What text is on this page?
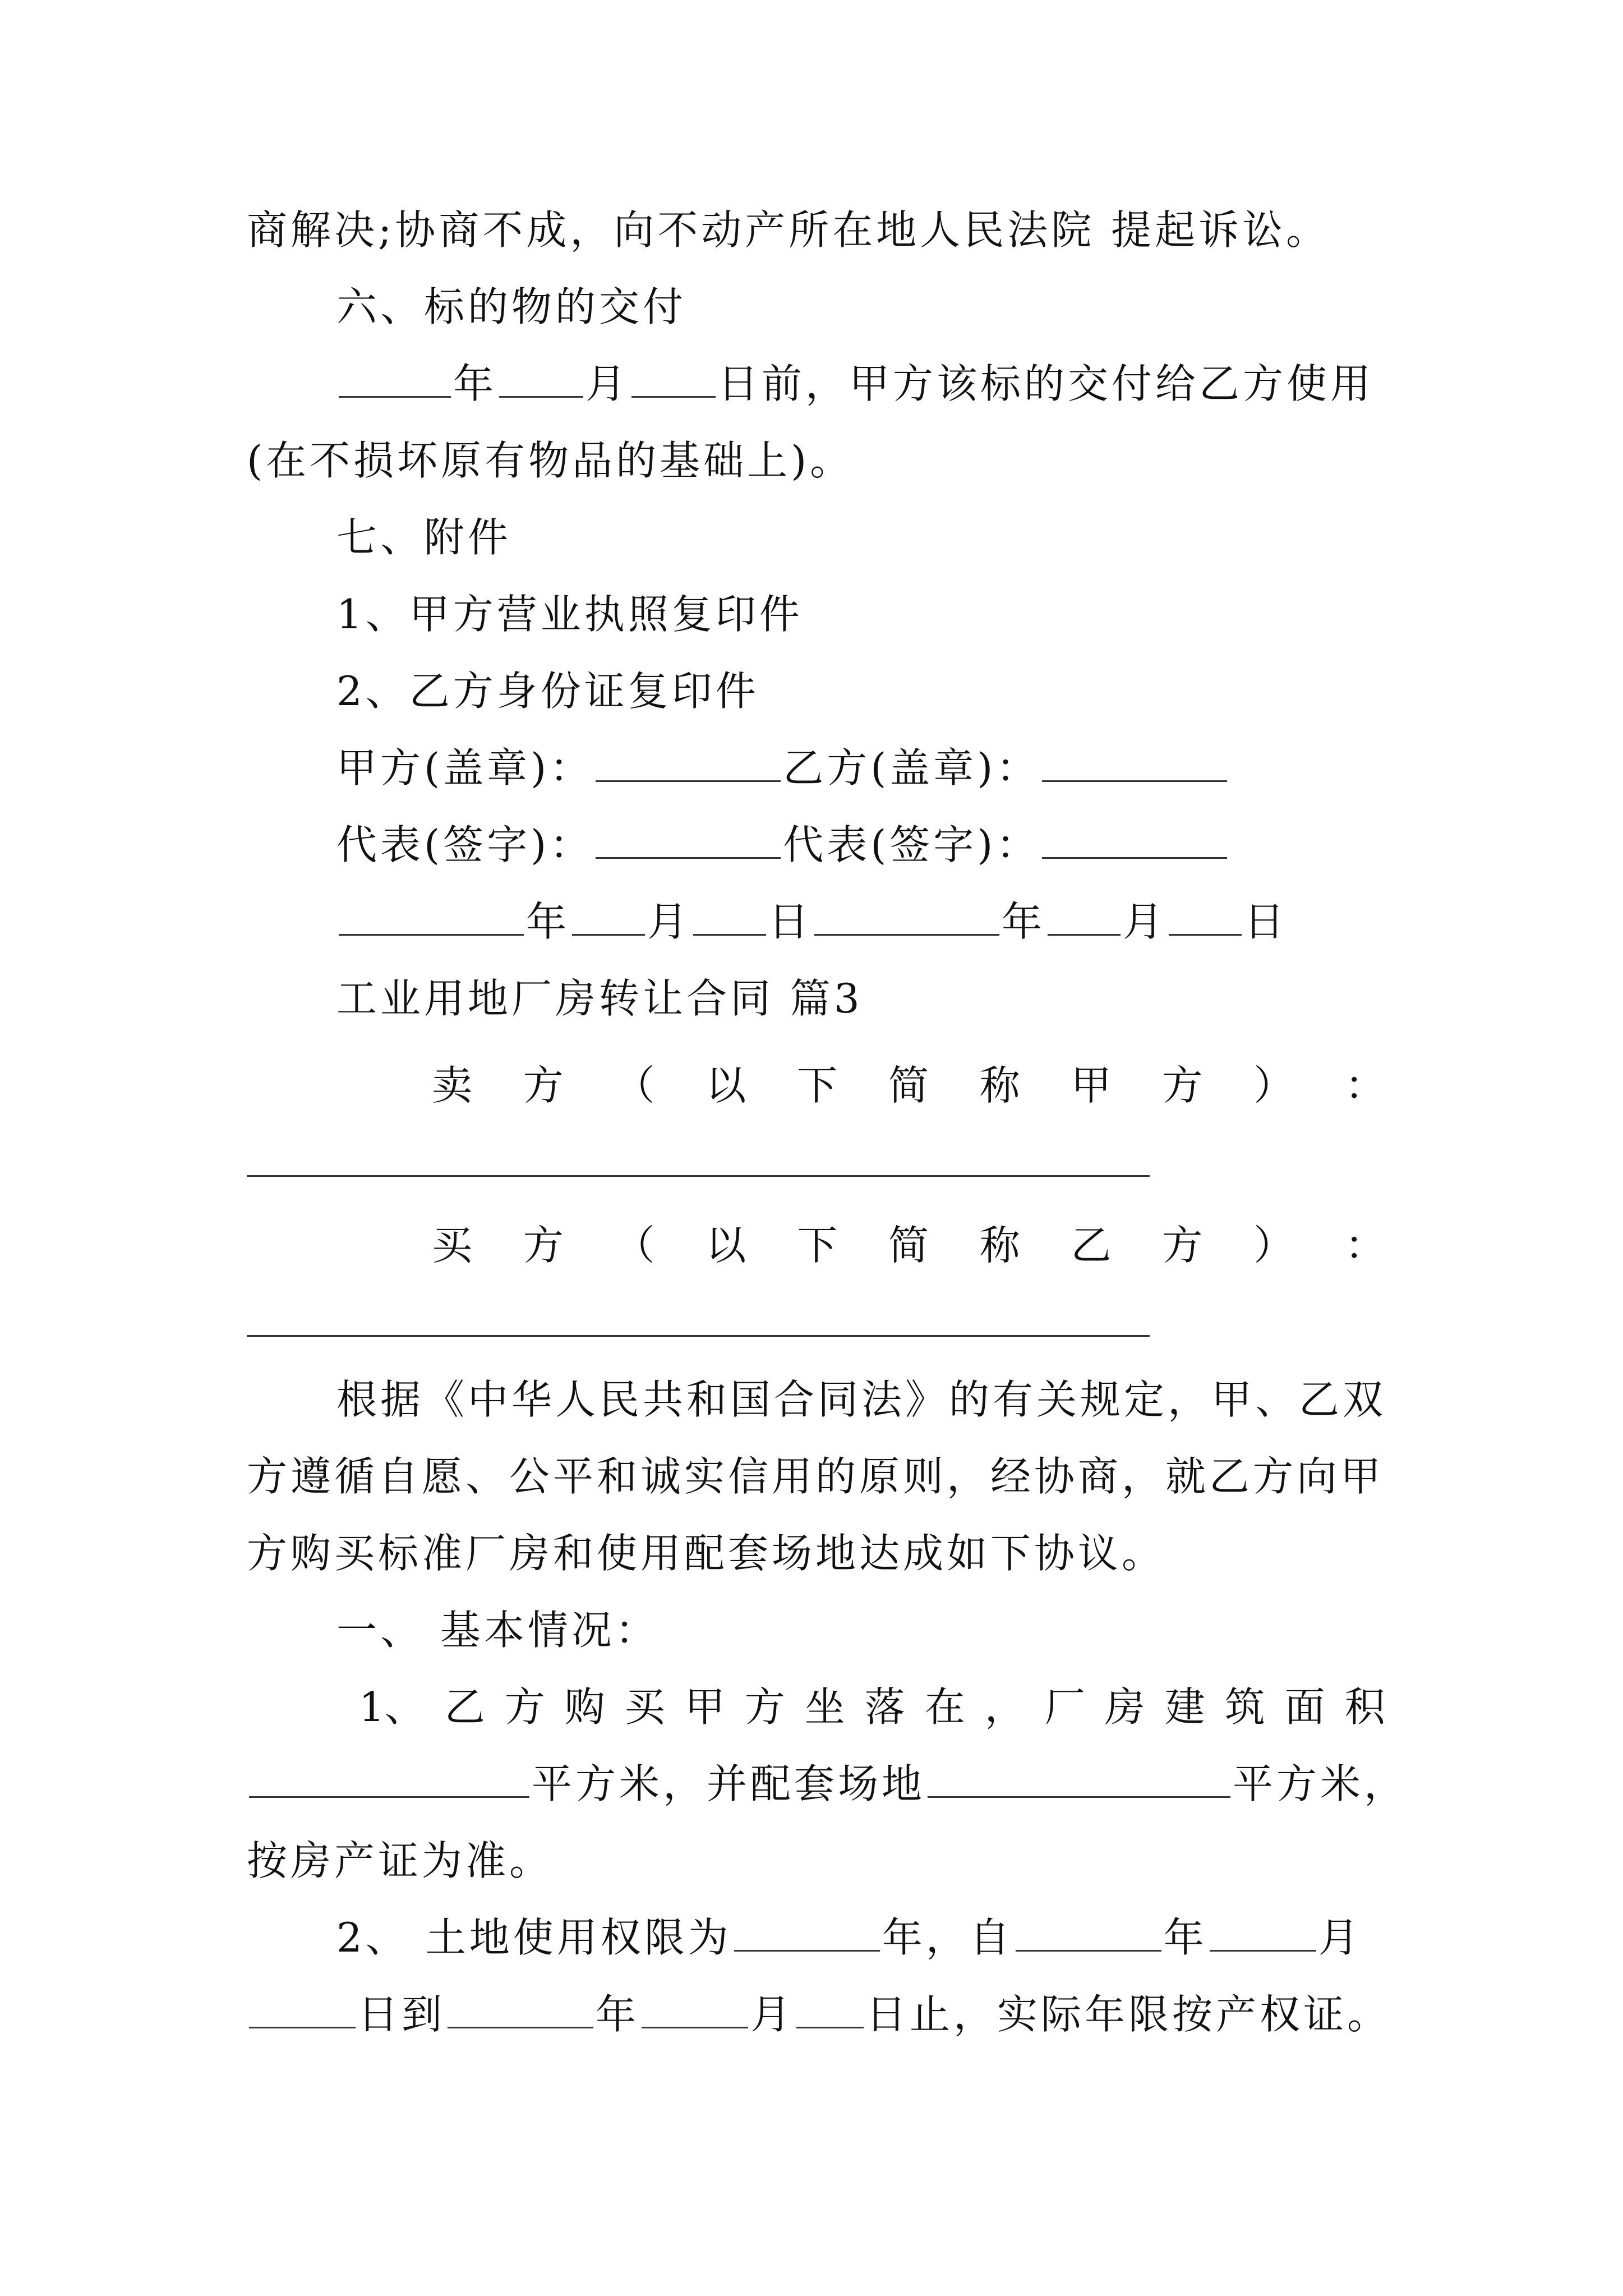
商解决;协商不成，向不动产所在地人民法院 提起诉讼。
六、标的物的交付
年 月 日前，甲方该标的交付给乙方使用
(在不损坏原有物品的基础上)。
七、附件
1、甲方营业执照复印件
2、乙方身份证复印件
甲方(盖章)：	乙方(盖章)：
代表(签字)：	代表(签字)：
年 月 日	年 月 日
工业用地厂房转让合同 篇3
卖 方 （ 以 下 简 称 甲 方 ） ：
买 方 （ 以 下 简 称 乙 方 ） ：
根据《中华人民共和国合同法》的有关规定，甲、乙双
方遵循自愿、公平和诚实信用的原则，经协商，就乙方向甲
方购买标准厂房和使用配套场地达成如下协议。
一、 基本情况：
1、 乙 方 购 买 甲 方 坐 落 在 ， 厂 房 建 筑 面 积
平方米，并配套场地	平方米，
按房产证为准。
2、 土地使用权限为	年，自	年	月
日到	年	月 日止，实际年限按产权证。
